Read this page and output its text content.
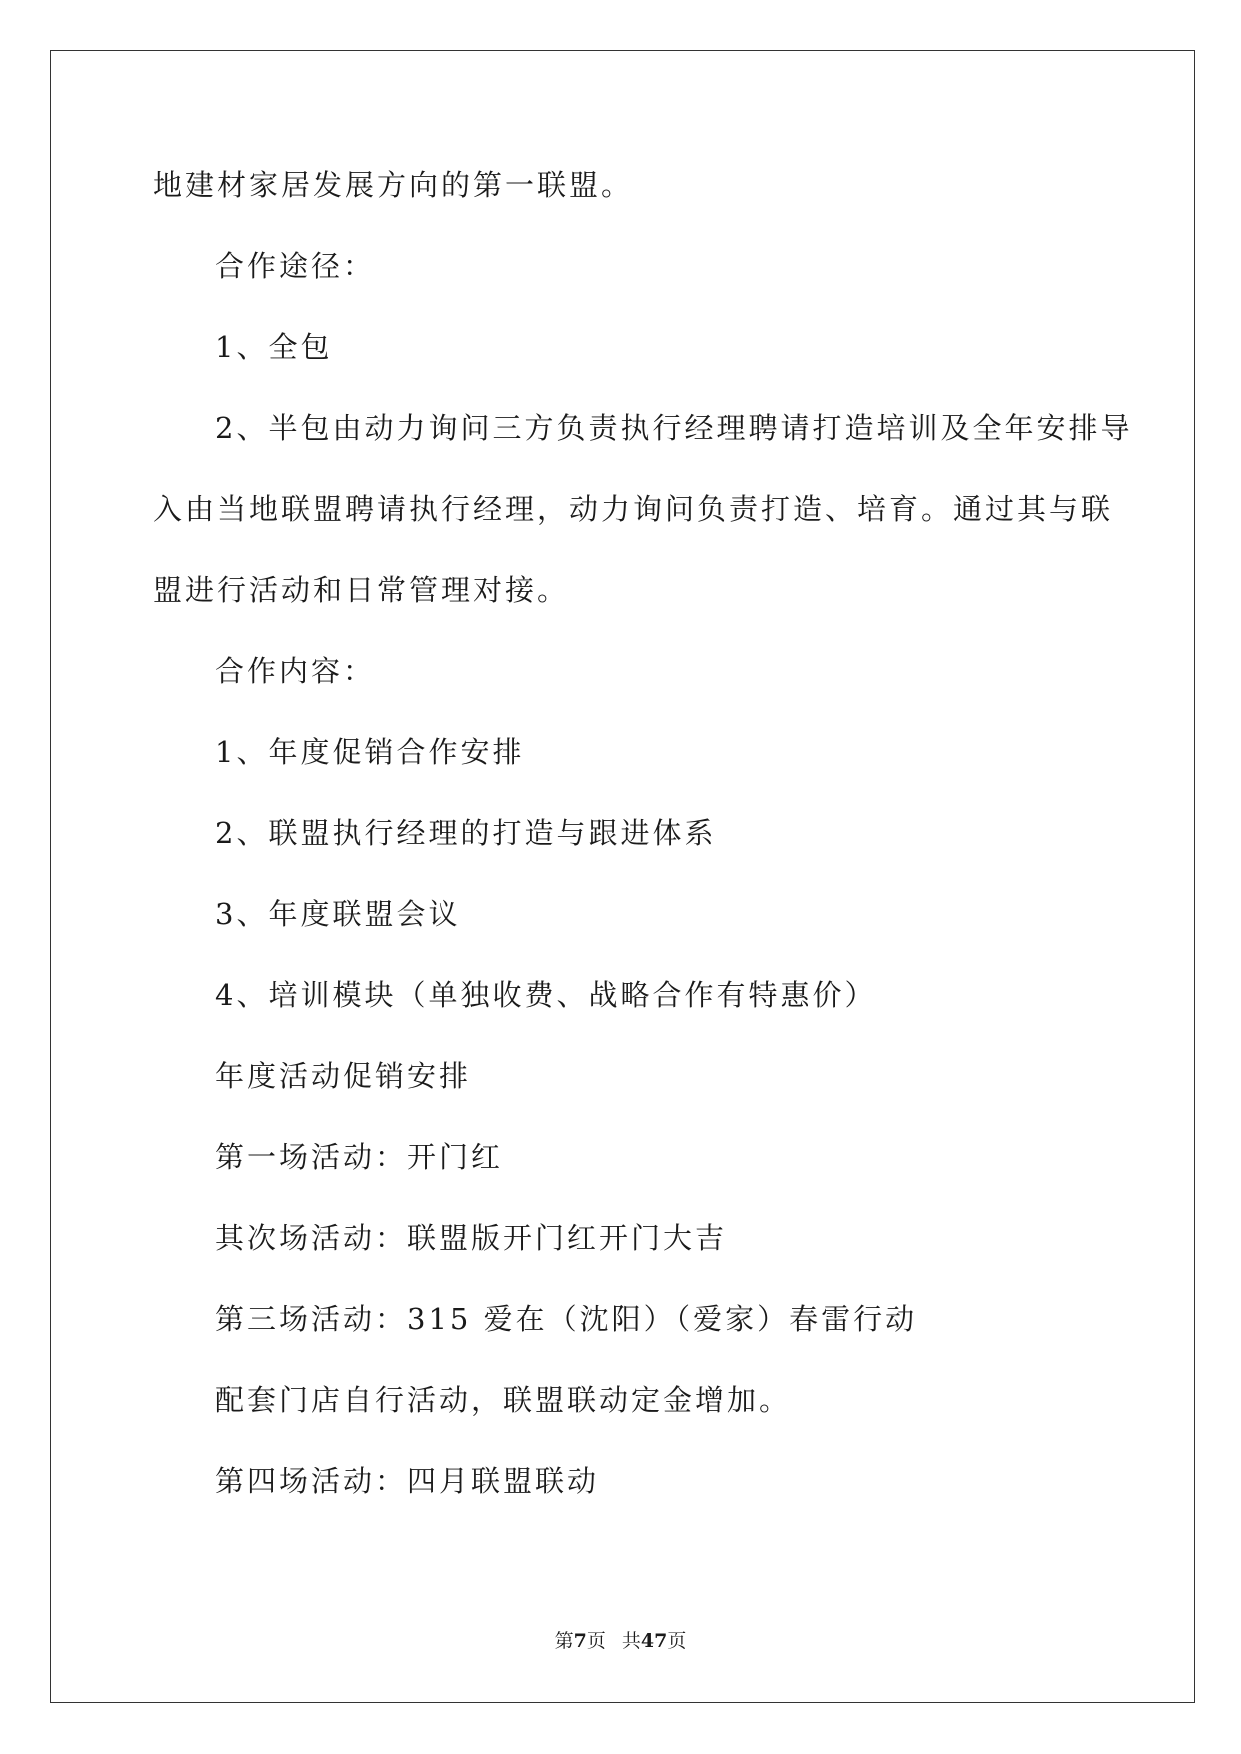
地建材家居发展方向的第一联盟。
合作途径：
1、全包
2、半包由动力询问三方负责执行经理聘请打造培训及全年安排导
入由当地联盟聘请执行经理，动力询问负责打造、培育。通过其与联
盟进行活动和日常管理对接。
合作内容：
1、年度促销合作安排
2、联盟执行经理的打造与跟进体系
3、年度联盟会议
4、培训模块（单独收费、战略合作有特惠价）
年度活动促销安排
第一场活动：开门红
其次场活动：联盟版开门红开门大吉
第三场活动：315 爱在（沈阳）（爱家）春雷行动
配套门店自行活动，联盟联动定金增加。
第四场活动：四月联盟联动
第7页 共47页
